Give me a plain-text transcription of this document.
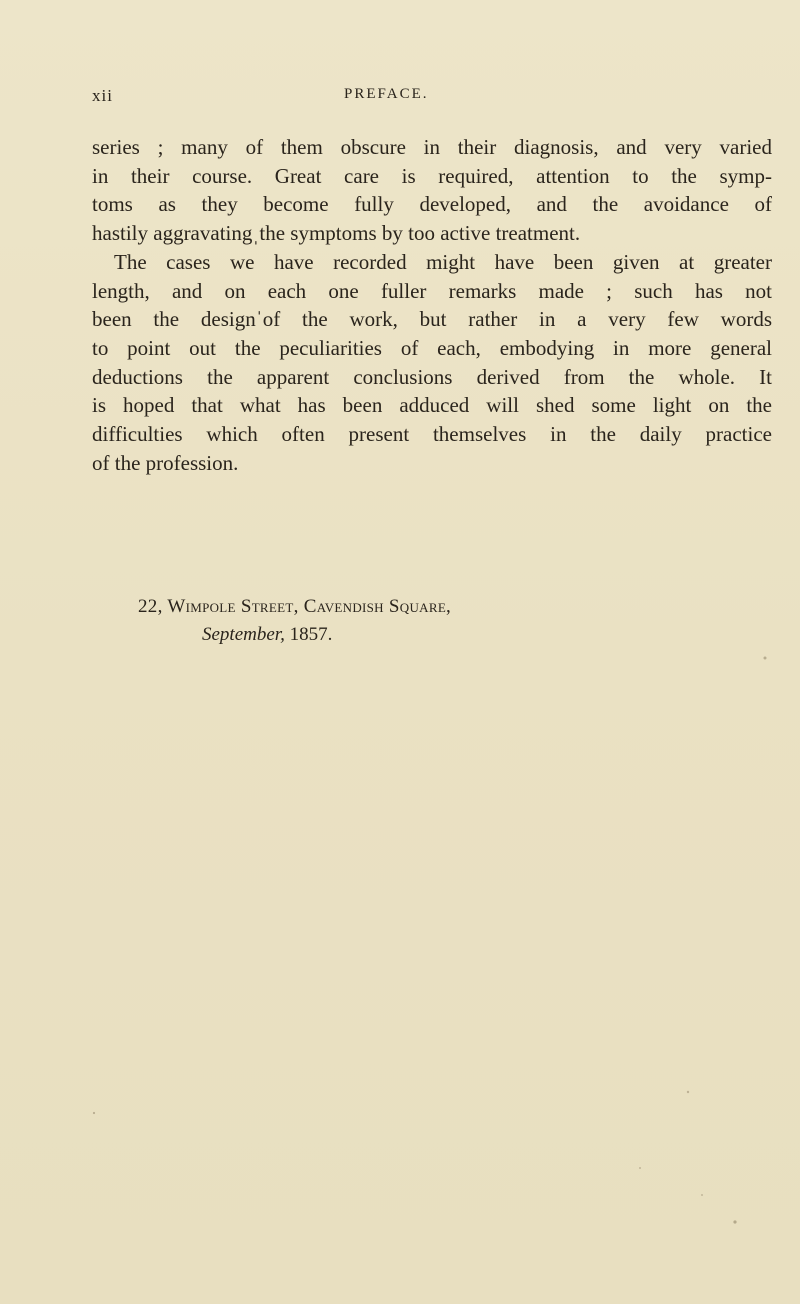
xii	PREFACE.
series ; many of them obscure in their diagnosis, and very varied
in their course. Great care is required, attention to the symp-
toms as they become fully developed, and the avoidance of
hastily aggravatingˌthe symptoms by too active treatment.
The cases we have recorded might have been given at greater
length, and on each one fuller remarks made ; such has not
been the designˈof the work, but rather in a very few words
to point out the peculiarities of each, embodying in more general
deductions the apparent conclusions derived from the whole. It
is hoped that what has been adduced will shed some light on the
difficulties which often present themselves in the daily practice
of the profession.
22, Wimpole Street, Cavendish Square,
September, 1857.
